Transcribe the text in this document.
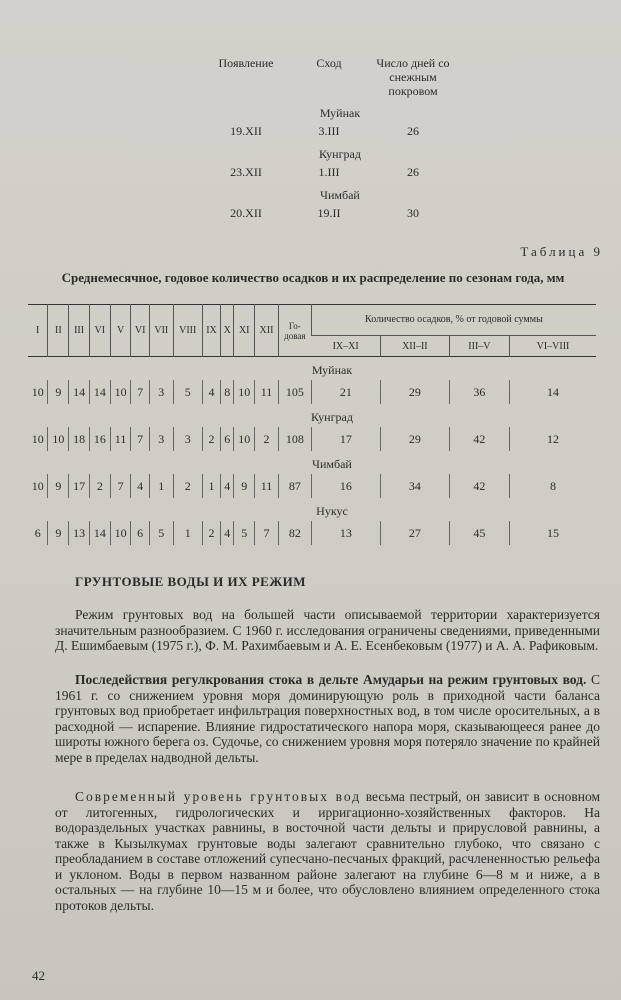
Появление	Сход	Число дней со снежным покровом
Муйнак
19.XII	3.III	26
Кунград
23.XII	1.III	26
Чимбай
20.XII	19.II	30
Таблица 9
Среднемесячное, годовое количество осадков и их распределение по сезонам года, мм
I	II	III	VI	V	VI	VII	VIII	IX	X	XI	XII	Го-довая	Количество осадков, % от годовой суммы			
													IX–XI	XII–II	III–V	VI–VIII
Муйнак																
10	9	14	14	10	7	3	5	4	8	10	11	105	21	29	36	14
Кунград																
10	10	18	16	11	7	3	3	2	6	10	2	108	17	29	42	12
Чимбай																
10	9	17	2	7	4	1	2	1	4	9	11	87	16	34	42	8
Нукус																
6	9	13	14	10	6	5	1	2	4	5	7	82	13	27	45	15
ГРУНТОВЫЕ ВОДЫ И ИХ РЕЖИМ
Режим грунтовых вод на большей части описываемой территории характеризуется значительным разнообразием. С 1960 г. исследования ограничены сведениями, приведенными Д. Ешимбаевым (1975 г.), Ф. М. Рахимбаевым и А. Е. Есенбековым (1977) и А. А. Рафиковым.
Последействия регулкрования стока в дельте Амударьи на режим грунтовых вод. С 1961 г. со снижением уровня моря доминирующую роль в приходной части баланса грунтовых вод приобретает инфильтрация поверхностных вод, в том числе оросительных, а в расходной — испарение. Влияние гидростатического напора моря, сказывающееся ранее до широты южного берега оз. Судочье, со снижением уровня моря потеряло значение по крайней мере в пределах надводной дельты.
Современный уровень грунтовых вод весьма пестрый, он зависит в основном от литогенных, гидрологических и ирригационно-хозяйственных факторов. На водораздельных участках равнины, в восточной части дельты и прирусловой равнины, а также в Кызылкумах грунтовые воды залегают сравнительно глубоко, что связано с преобладанием в составе отложений супесчано-песчаных фракций, расчлененностью рельефа и уклоном. Воды в первом названном районе залегают на глубине 6—8 м и ниже, а в остальных — на глубине 10—15 м и более, что обусловлено влиянием определенного стока протоков дельты.
42
